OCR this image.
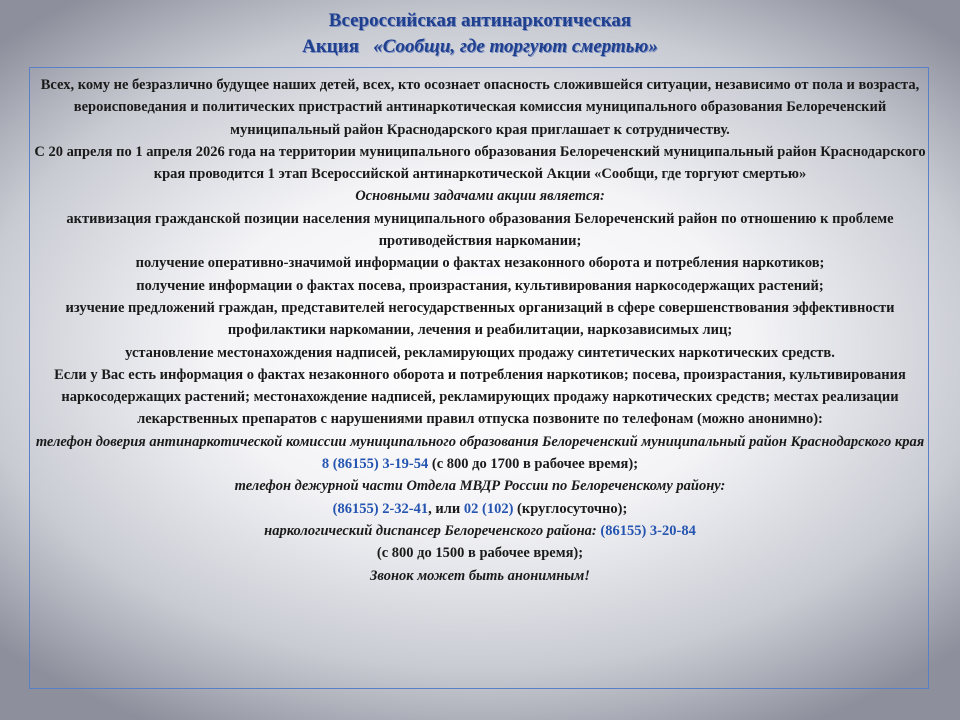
Всероссийская антинаркотическая
Акция   «Сообщи, где торгуют смертью»

Всех, кому не безразлично будущее наших детей, всех, кто осознает опасность сложившейся ситуации, независимо от пола и возраста, вероисповедания и политических пристрастий антинаркотическая комиссия муниципального образования Белореченский муниципальный район Краснодарского края приглашает к сотрудничеству.

С 20 апреля по 1 апреля 2026 года на территории муниципального образования Белореченский муниципальный район Краснодарского края проводится 1 этап Всероссийской антинаркотической Акции «Сообщи, где торгуют смертью»

Основными задачами акции является:

активизация гражданской позиции населения муниципального образования Белореченский район по отношению к проблеме противодействия наркомании;

получение оперативно-значимой информации о фактах незаконного оборота и потребления наркотиков;

получение информации о фактах посева, произрастания, культивирования наркосодержащих растений;

изучение предложений граждан, представителей негосударственных организаций в сфере совершенствования эффективности профилактики наркомании, лечения и реабилитации, наркозависимых лиц;

установление местонахождения надписей, рекламирующих продажу синтетических наркотических средств.

Если у Вас есть информация о фактах незаконного оборота и потребления наркотиков; посева, произрастания, культивирования наркосодержащих растений; местонахождение надписей, рекламирующих продажу наркотических средств; местах реализации лекарственных препаратов с нарушениями правил отпуска позвоните по телефонам (можно анонимно):

телефон доверия антинаркотической комиссии муниципального образования Белореченский муниципальный район Краснодарского края

8 (86155) 3-19-54 (с 800 до 1700 в рабочее время);

телефон дежурной части Отдела МВДР России по Белореченскому району:

(86155) 2-32-41, или 02 (102) (круглосуточно);

наркологический диспансер Белореченского района: (86155) 3-20-84

(с 800 до 1500 в рабочее время);

Звонок может быть анонимным!
